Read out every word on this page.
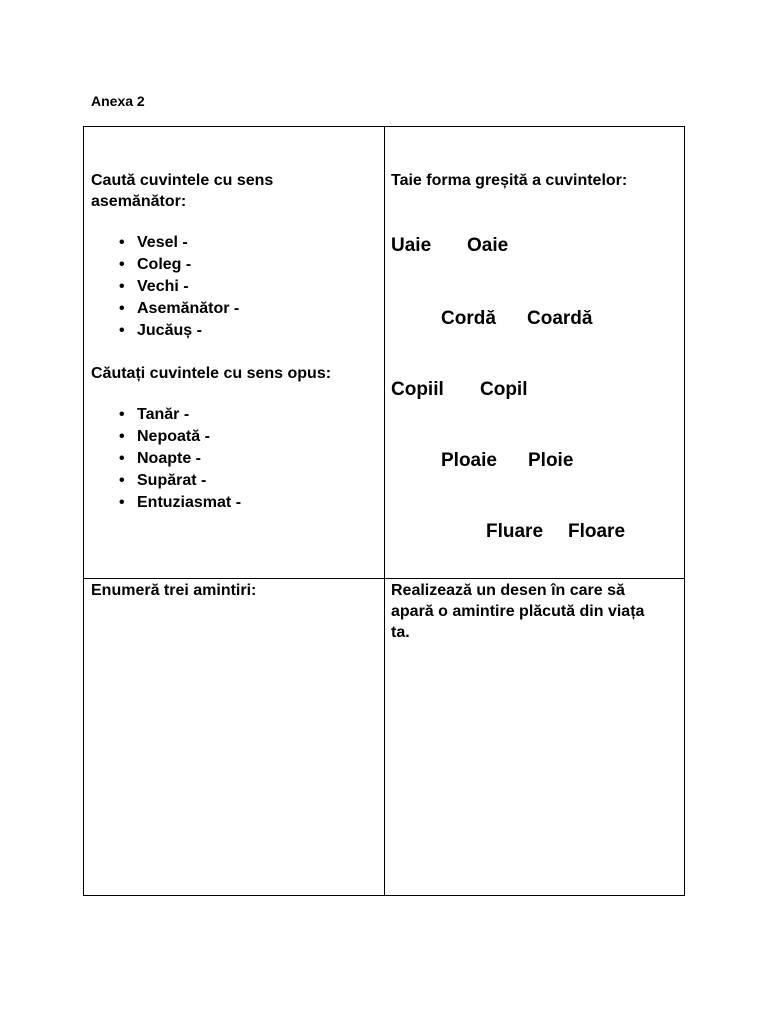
Anexa 2
Caută cuvintele cu sens
asemănător:
• Vesel -
• Coleg -
• Vechi -
• Asemănător -
• Jucăuș -
Căutați cuvintele cu sens opus:
• Tanăr -
• Nepoată -
• Noapte -
• Supărat -
• Entuziasmat -
Taie forma greșită a cuvintelor:
Uaie Oaie
Cordă Coardă
Copiil Copil
Ploaie Ploie
Fluare Floare
Enumeră trei amintiri:	Realizează un desen în care să
apară o amintire plăcută din viața
ta.
